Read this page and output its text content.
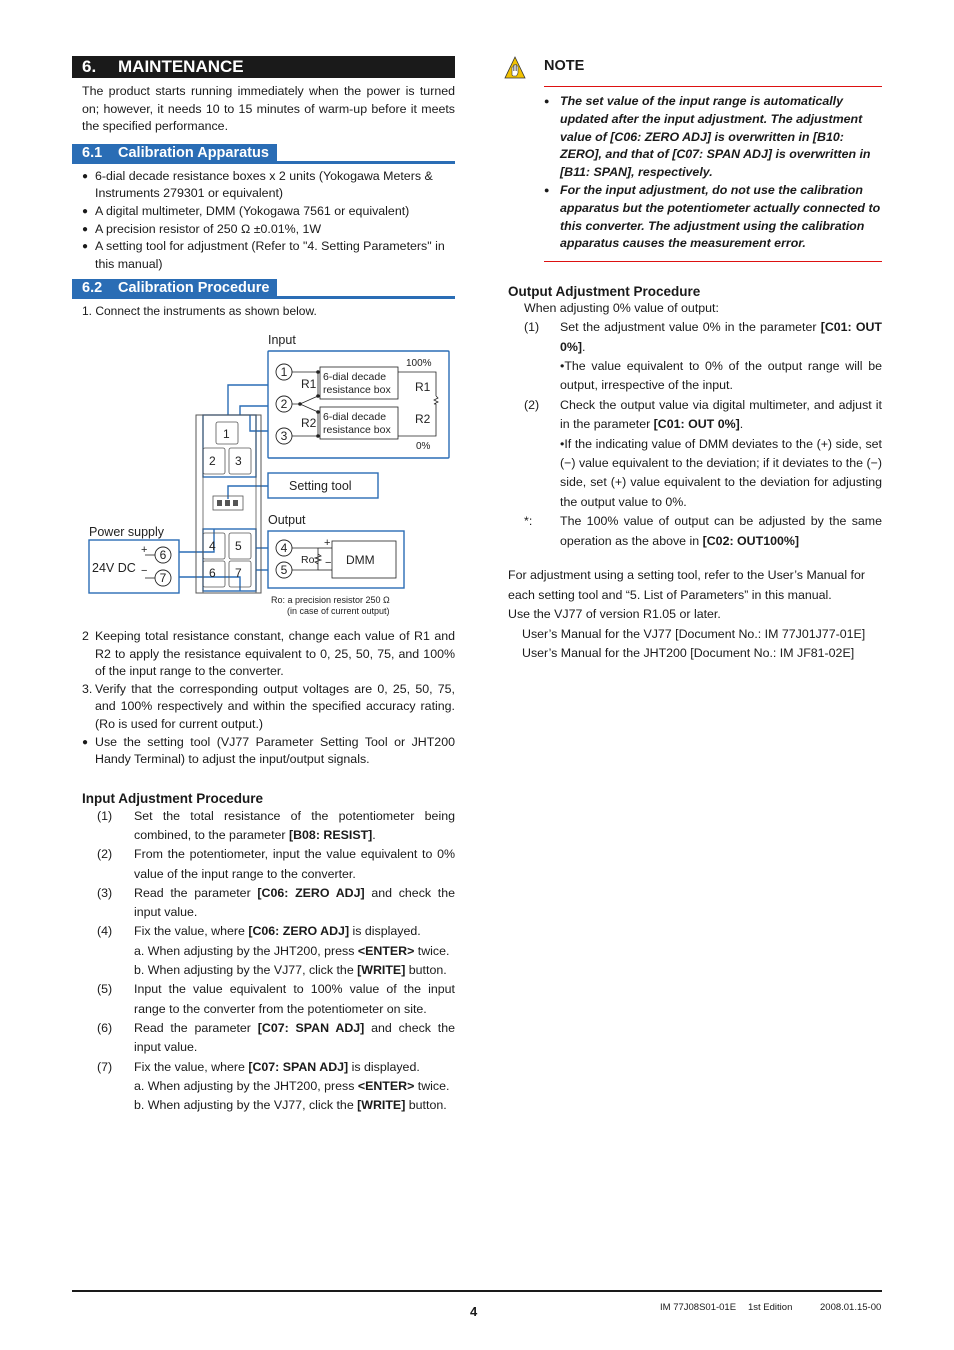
6. MAINTENANCE

The product starts running immediately when the power is turned on; however, it needs 10 to 15 minutes of warm-up before it meets the specified performance.

6.1 Calibration Apparatus
● 6-dial decade resistance boxes x 2 units (Yokogawa Meters & Instruments 279301 or equivalent)
● A digital multimeter, DMM (Yokogawa 7561 or equivalent)
● A precision resistor of 250 Ω ±0.01%, 1W
● A setting tool for adjustment (Refer to "4. Setting Parameters" in this manual)
6.2 Calibration Procedure

1. Connect the instruments as shown below.

1
2 3
4 5
6 7
1
2
3
4
5
6
7
Input
Output
Power supply
24V DC
+
−
Setting tool
6-dial decade
resistance box
6-dial decade
resistance box
R1
R2
R1
R2
100%
0%
DMM
Ro
+
−
Ro: a precision resistor 250 Ω
(in case of current output)
2 Keeping total resistance constant, change each value of R1 and R2 to apply the resistance equivalent to 0, 25, 50, 75, and 100% of the input range to the converter.
3. Verify that the corresponding output voltages are 0, 25, 50, 75, and 100% respectively and within the specified accuracy rating. (Ro is used for current output.)
● Use the setting tool (VJ77 Parameter Setting Tool or JHT200 Handy Terminal) to adjust the input/output signals.
Input Adjustment Procedure
(1)	Set the total resistance of the potentiometer being combined, to the parameter [B08: RESIST].
(2)	From the potentiometer, input the value equivalent to 0% value of the input range to the converter.
(3)	Read the parameter [C06: ZERO ADJ] and check the input value.
(4)	Fix the value, where [C06: ZERO ADJ] is displayed.
a. When adjusting by the JHT200, press <ENTER> twice.
b. When adjusting by the VJ77, click the [WRITE] button.
(5)	Input the value equivalent to 100% value of the input range to the converter from the potentiometer on site.
(6)	Read the parameter [C07: SPAN ADJ] and check the input value.
(7)	Fix the value, where [C07: SPAN ADJ] is displayed.
a. When adjusting by the JHT200, press <ENTER> twice.
b. When adjusting by the VJ77, click the [WRITE] button.
NOTE
● The set value of the input range is automatically updated after the input adjustment. The adjustment value of [C06: ZERO ADJ] is overwritten in [B10: ZERO], and that of [C07: SPAN ADJ] is overwritten in [B11: SPAN], respectively.
● For the input adjustment, do not use the calibration apparatus but the potentiometer actually connected to this converter. The adjustment using the calibration apparatus causes the measurement error.
Output Adjustment Procedure
When adjusting 0% value of output:
(1)	Set the adjustment value 0% in the parameter [C01: OUT 0%].
•The value equivalent to 0% of the output range will be output, irrespective of the input.
(2)	Check the output value via digital multimeter, and adjust it in the parameter [C01: OUT 0%].
•If the indicating value of DMM deviates to the (+) side, set (−) value equivalent to the deviation; if it deviates to the (−) side, set (+) value equivalent to the deviation for adjusting the output value to 0%.
*:	The 100% value of output can be adjusted by the same operation as the above in [C02: OUT100%]

For adjustment using a setting tool, refer to the User’s Manual for each setting tool and “5. List of Parameters” in this manual.

Use the VJ77 of version R1.05 or later.

User’s Manual for the VJ77 [Document No.: IM 77J01J77-01E]

User’s Manual for the JHT200 [Document No.: IM JF81-02E]

4	IM 77J08S01-01E 1st Edition	2008.01.15-00
